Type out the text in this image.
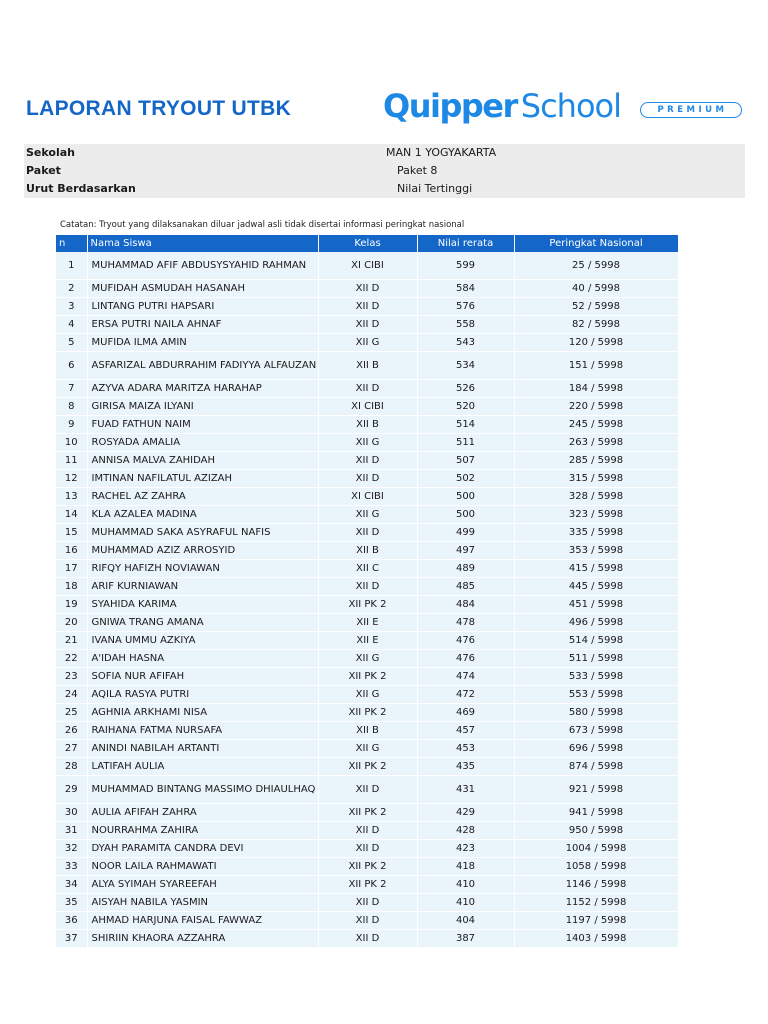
LAPORAN TRYOUT UTBK	Quipper School	PREMIUM
Sekolah	MAN 1 YOGYAKARTA
Paket	Paket 8
Urut Berdasarkan	Nilai Tertinggi
Catatan: Tryout yang dilaksanakan diluar jadwal asli tidak disertai informasi peringkat nasional
n	Nama Siswa	Kelas	Nilai rerata	Peringkat Nasional
1	MUHAMMAD AFIF ABDUSYSYAHID RAHMAN	XI CIBI	599	25 / 5998
2	MUFIDAH ASMUDAH HASANAH	XII D	584	40 / 5998
3	LINTANG PUTRI HAPSARI	XII D	576	52 / 5998
4	ERSA PUTRI NAILA AHNAF	XII D	558	82 / 5998
5	MUFIDA ILMA AMIN	XII G	543	120 / 5998
6	ASFARIZAL ABDURRAHIM FADIYYA ALFAUZAN	XII B	534	151 / 5998
7	AZYVA ADARA MARITZA HARAHAP	XII D	526	184 / 5998
8	GIRISA MAIZA ILYANI	XI CIBI	520	220 / 5998
9	FUAD FATHUN NAIM	XII B	514	245 / 5998
10	ROSYADA AMALIA	XII G	511	263 / 5998
11	ANNISA MALVA ZAHIDAH	XII D	507	285 / 5998
12	IMTINAN NAFILATUL AZIZAH	XII D	502	315 / 5998
13	RACHEL AZ ZAHRA	XI CIBI	500	328 / 5998
14	KLA AZALEA MADINA	XII G	500	323 / 5998
15	MUHAMMAD SAKA ASYRAFUL NAFIS	XII D	499	335 / 5998
16	MUHAMMAD AZIZ ARROSYID	XII B	497	353 / 5998
17	RIFQY HAFIZH NOVIAWAN	XII C	489	415 / 5998
18	ARIF KURNIAWAN	XII D	485	445 / 5998
19	SYAHIDA KARIMA	XII PK 2	484	451 / 5998
20	GNIWA TRANG AMANA	XII E	478	496 / 5998
21	IVANA UMMU AZKIYA	XII E	476	514 / 5998
22	A'IDAH HASNA	XII G	476	511 / 5998
23	SOFIA NUR AFIFAH	XII PK 2	474	533 / 5998
24	AQILA RASYA PUTRI	XII G	472	553 / 5998
25	AGHNIA ARKHAMI NISA	XII PK 2	469	580 / 5998
26	RAIHANA FATMA NURSAFA	XII B	457	673 / 5998
27	ANINDI NABILAH ARTANTI	XII G	453	696 / 5998
28	LATIFAH AULIA	XII PK 2	435	874 / 5998
29	MUHAMMAD BINTANG MASSIMO DHIAULHAQ	XII D	431	921 / 5998
30	AULIA AFIFAH ZAHRA	XII PK 2	429	941 / 5998
31	NOURRAHMA ZAHIRA	XII D	428	950 / 5998
32	DYAH PARAMITA CANDRA DEVI	XII D	423	1004 / 5998
33	NOOR LAILA RAHMAWATI	XII PK 2	418	1058 / 5998
34	ALYA SYIMAH SYAREEFAH	XII PK 2	410	1146 / 5998
35	AISYAH NABILA YASMIN	XII D	410	1152 / 5998
36	AHMAD HARJUNA FAISAL FAWWAZ	XII D	404	1197 / 5998
37	SHIRIIN KHAORA AZZAHRA	XII D	387	1403 / 5998
